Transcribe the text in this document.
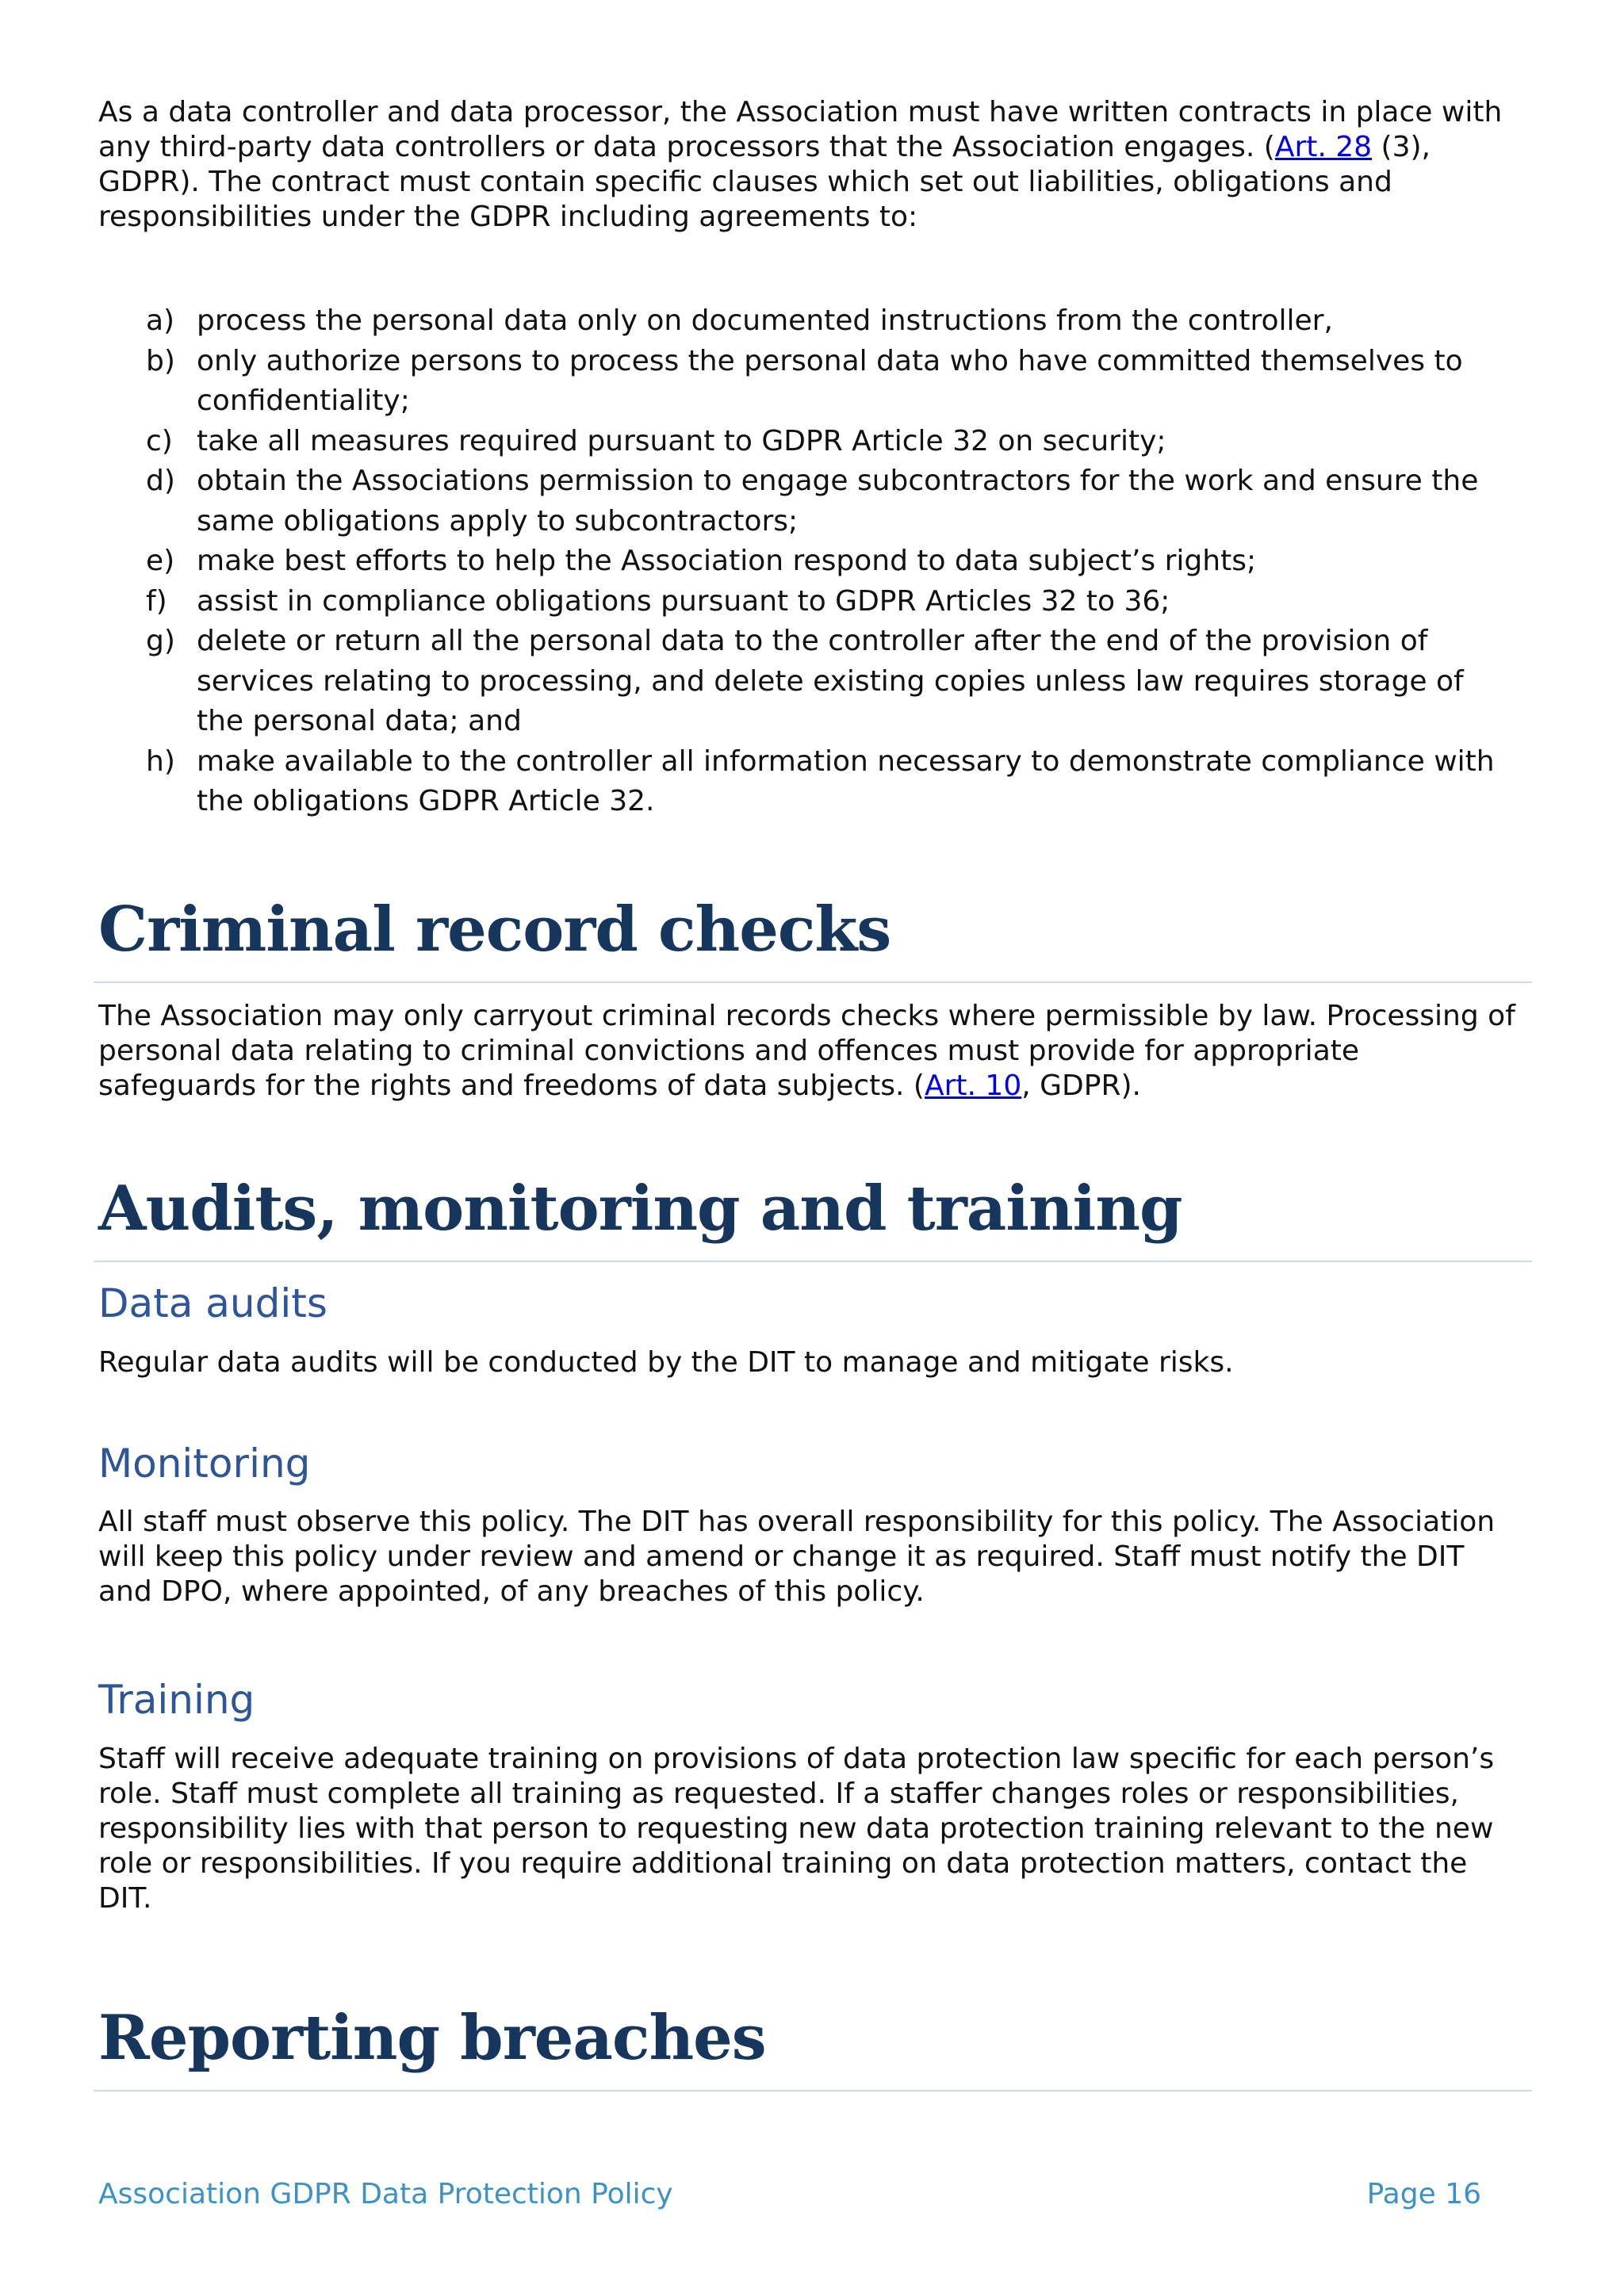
As a data controller and data processor, the Association must have written contracts in place with any third-party data controllers or data processors that the Association engages. (Art. 28 (3), GDPR). The contract must contain specific clauses which set out liabilities, obligations and responsibilities under the GDPR including agreements to:

a) process the personal data only on documented instructions from the controller,
b) only authorize persons to process the personal data who have committed themselves to confidentiality;
c) take all measures required pursuant to GDPR Article 32 on security;
d) obtain the Associations permission to engage subcontractors for the work and ensure the same obligations apply to subcontractors;
e) make best efforts to help the Association respond to data subject’s rights;
f) assist in compliance obligations pursuant to GDPR Articles 32 to 36;
g) delete or return all the personal data to the controller after the end of the provision of services relating to processing, and delete existing copies unless law requires storage of the personal data; and
h) make available to the controller all information necessary to demonstrate compliance with the obligations GDPR Article 32.
Criminal record checks

The Association may only carryout criminal records checks where permissible by law. Processing of personal data relating to criminal convictions and offences must provide for appropriate safeguards for the rights and freedoms of data subjects. (Art. 10, GDPR).

Audits, monitoring and training
Data audits

Regular data audits will be conducted by the DIT to manage and mitigate risks.

Monitoring

All staff must observe this policy. The DIT has overall responsibility for this policy. The Association will keep this policy under review and amend or change it as required. Staff must notify the DIT and DPO, where appointed, of any breaches of this policy.

Training

Staff will receive adequate training on provisions of data protection law specific for each person’s role. Staff must complete all training as requested. If a staffer changes roles or responsibilities, responsibility lies with that person to requesting new data protection training relevant to the new role or responsibilities. If you require additional training on data protection matters, contact the DIT.

Reporting breaches
Association GDPR Data Protection Policy	Page 16
